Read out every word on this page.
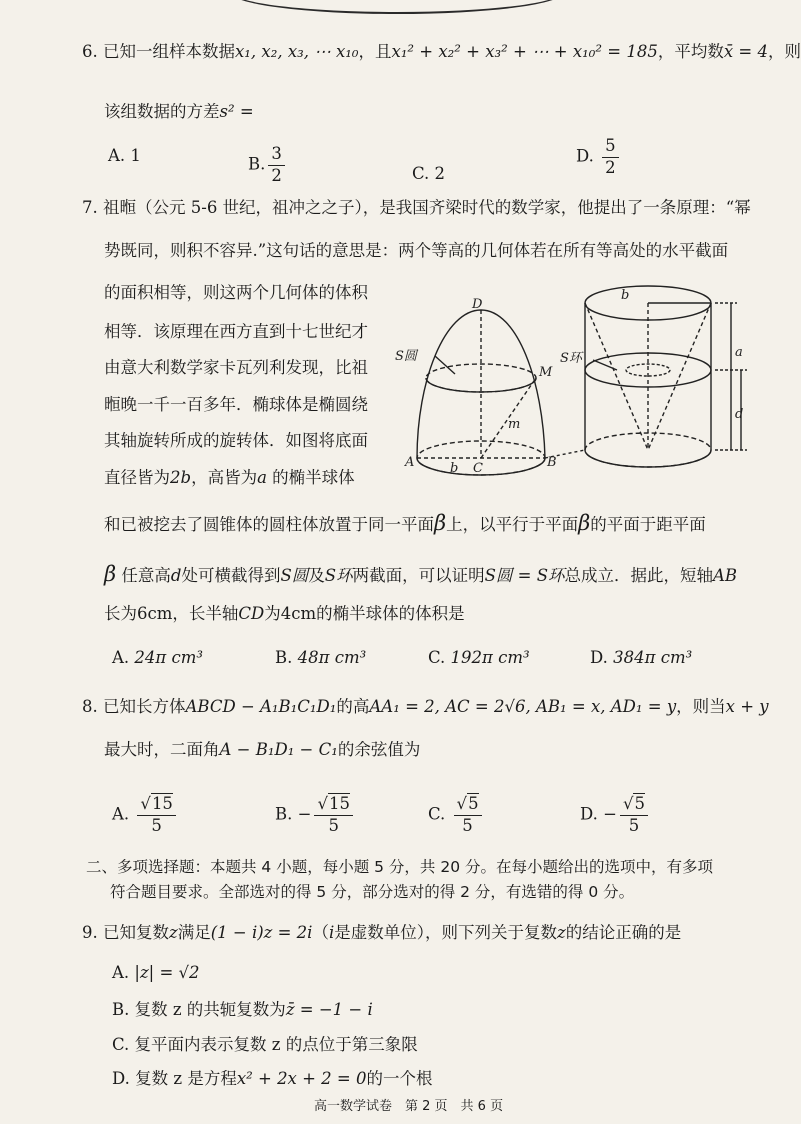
6. 已知一组样本数据x₁, x₂, x₃, ⋯ x₁₀，且x₁² + x₂² + x₃² + ⋯ + x₁₀² = 185，平均数x̄ = 4，则
该组数据的方差s² =
A. 1	B. $\frac{3}{2}$	C. 2
D. $\frac{5}{2}$
7. 祖暅（公元 5-6 世纪，祖冲之之子），是我国齐梁时代的数学家，他提出了一条原理：“幂
势既同，则积不容异.”这句话的意思是：两个等高的几何体若在所有等高处的水平截面
的面积相等，则这两个几何体的体积
相等．该原理在西方直到十七世纪才
由意大利数学家卡瓦列利发现，比祖
暅晚一千一百多年．椭球体是椭圆绕
其轴旋转所成的旋转体．如图将底面
直径皆为2b，高皆为a 的椭半球体
和已被挖去了圆锥体的圆柱体放置于同一平面β上，以平行于平面β的平面于距平面
β 任意高d处可横截得到S圆及S环两截面，可以证明S圆 = S环总成立．据此，短轴AB
长为6cm，长半轴CD为4cm的椭半球体的体积是
A. 24π cm³	B. 48π cm³	C. 192π cm³	D. 384π cm³
S圆	S环
A	B
C
D
M
b
m
b
a
d
8. 已知长方体ABCD − A₁B₁C₁D₁的高AA₁ = 2, AC = 2√6, AB₁ = x, AD₁ = y，则当x + y
最大时，二面角A − B₁D₁ − C₁的余弦值为
A. $\frac{√15}{5}$	B. − $\frac{√15}{5}$	C. $\frac{√5}{5}$	D. − $\frac{√5}{5}$
二、多项选择题：本题共 4 小题，每小题 5 分，共 20 分。在每小题给出的选项中，有多项
符合题目要求。全部选对的得 5 分，部分选对的得 2 分，有选错的得 0 分。
9. 已知复数z满足(1 − i)z = 2i（i是虚数单位），则下列关于复数z的结论正确的是
A. |z| = √2
B. 复数 z 的共轭复数为z̄ = −1 − i
C. 复平面内表示复数 z 的点位于第三象限
D. 复数 z 是方程x² + 2x + 2 = 0的一个根
高一数学试卷　第 2 页　共 6 页
